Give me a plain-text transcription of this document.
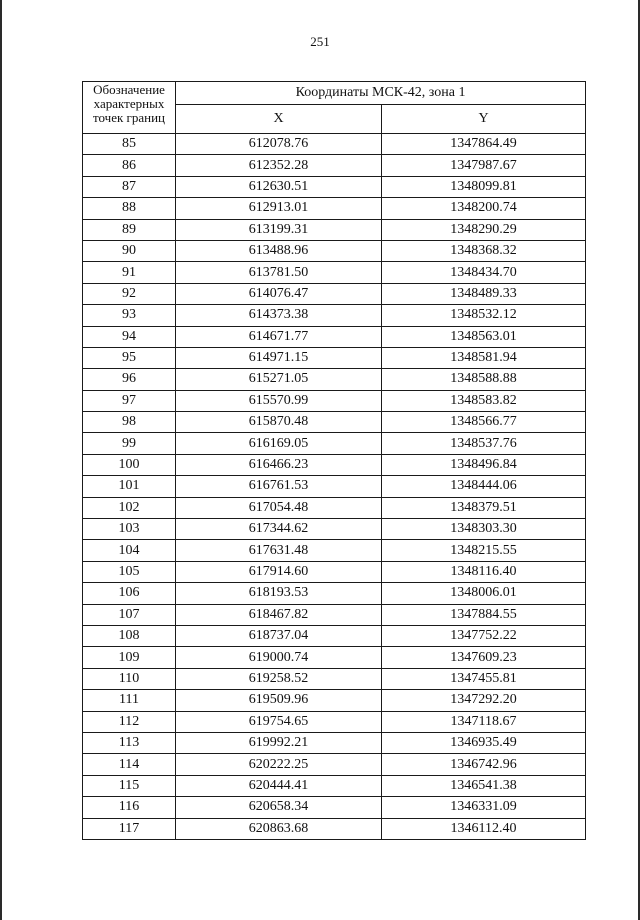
251
Обозначение характерных точек границ	Координаты МСК-42, зона 1	
	X	Y
85	612078.76	1347864.49
86	612352.28	1347987.67
87	612630.51	1348099.81
88	612913.01	1348200.74
89	613199.31	1348290.29
90	613488.96	1348368.32
91	613781.50	1348434.70
92	614076.47	1348489.33
93	614373.38	1348532.12
94	614671.77	1348563.01
95	614971.15	1348581.94
96	615271.05	1348588.88
97	615570.99	1348583.82
98	615870.48	1348566.77
99	616169.05	1348537.76
100	616466.23	1348496.84
101	616761.53	1348444.06
102	617054.48	1348379.51
103	617344.62	1348303.30
104	617631.48	1348215.55
105	617914.60	1348116.40
106	618193.53	1348006.01
107	618467.82	1347884.55
108	618737.04	1347752.22
109	619000.74	1347609.23
110	619258.52	1347455.81
111	619509.96	1347292.20
112	619754.65	1347118.67
113	619992.21	1346935.49
114	620222.25	1346742.96
115	620444.41	1346541.38
116	620658.34	1346331.09
117	620863.68	1346112.40
